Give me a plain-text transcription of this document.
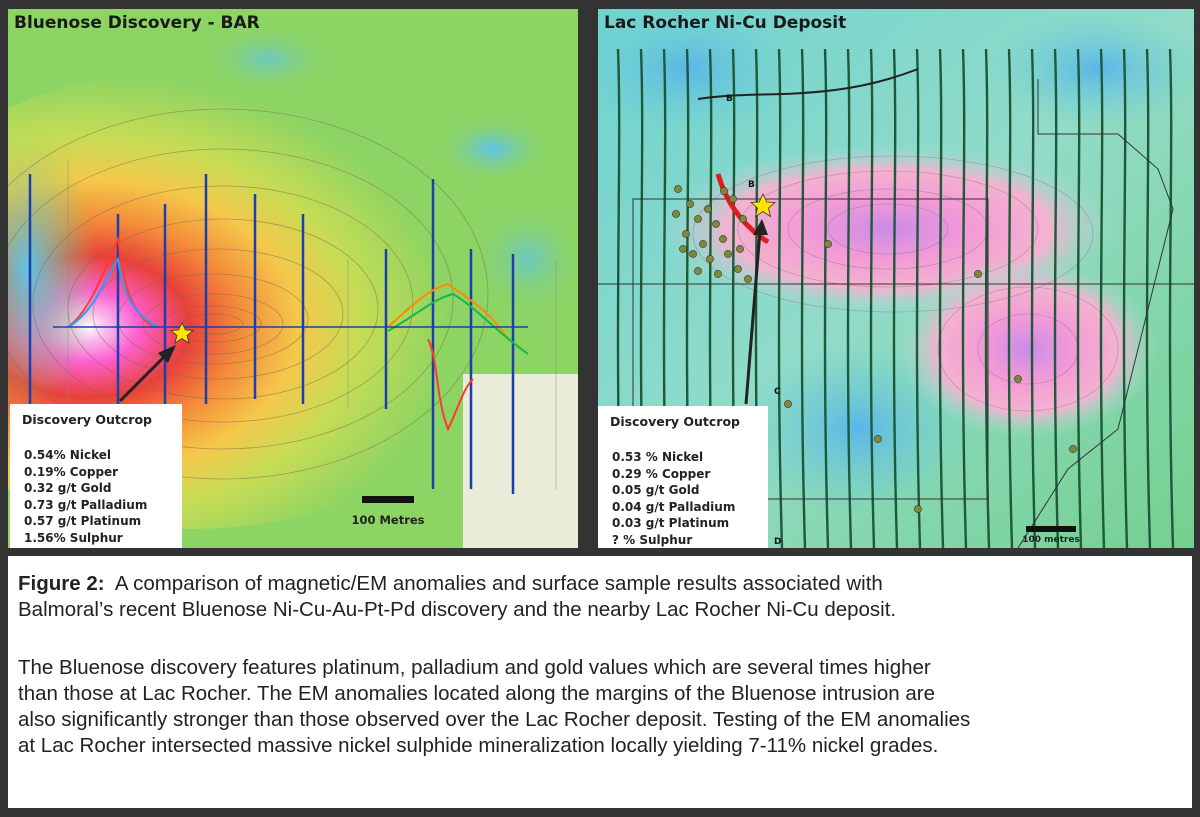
Bluenose Discovery - BAR
Discovery Outcrop
0.54% Nickel
0.19% Copper
0.32 g/t Gold
0.73 g/t Palladium
0.57 g/t Platinum
1.56% Sulphur
100 Metres
B
B
C
D
Lac Rocher Ni-Cu Deposit
Discovery Outcrop
0.53 % Nickel
0.29 % Copper
0.05 g/t Gold
0.04 g/t Palladium
0.03 g/t Platinum
? % Sulphur	100 metres

Figure 2:  A comparison of magnetic/EM anomalies and surface sample results associated with

Balmoral’s recent Bluenose Ni-Cu-Au-Pt-Pd discovery and the nearby Lac Rocher Ni-Cu deposit.

The Bluenose discovery features platinum, palladium and gold values which are several times higher

than those at Lac Rocher. The EM anomalies located along the margins of the Bluenose intrusion are

also significantly stronger than those observed over the Lac Rocher deposit. Testing of the EM anomalies

at Lac Rocher intersected massive nickel sulphide mineralization locally yielding 7-11% nickel grades.
